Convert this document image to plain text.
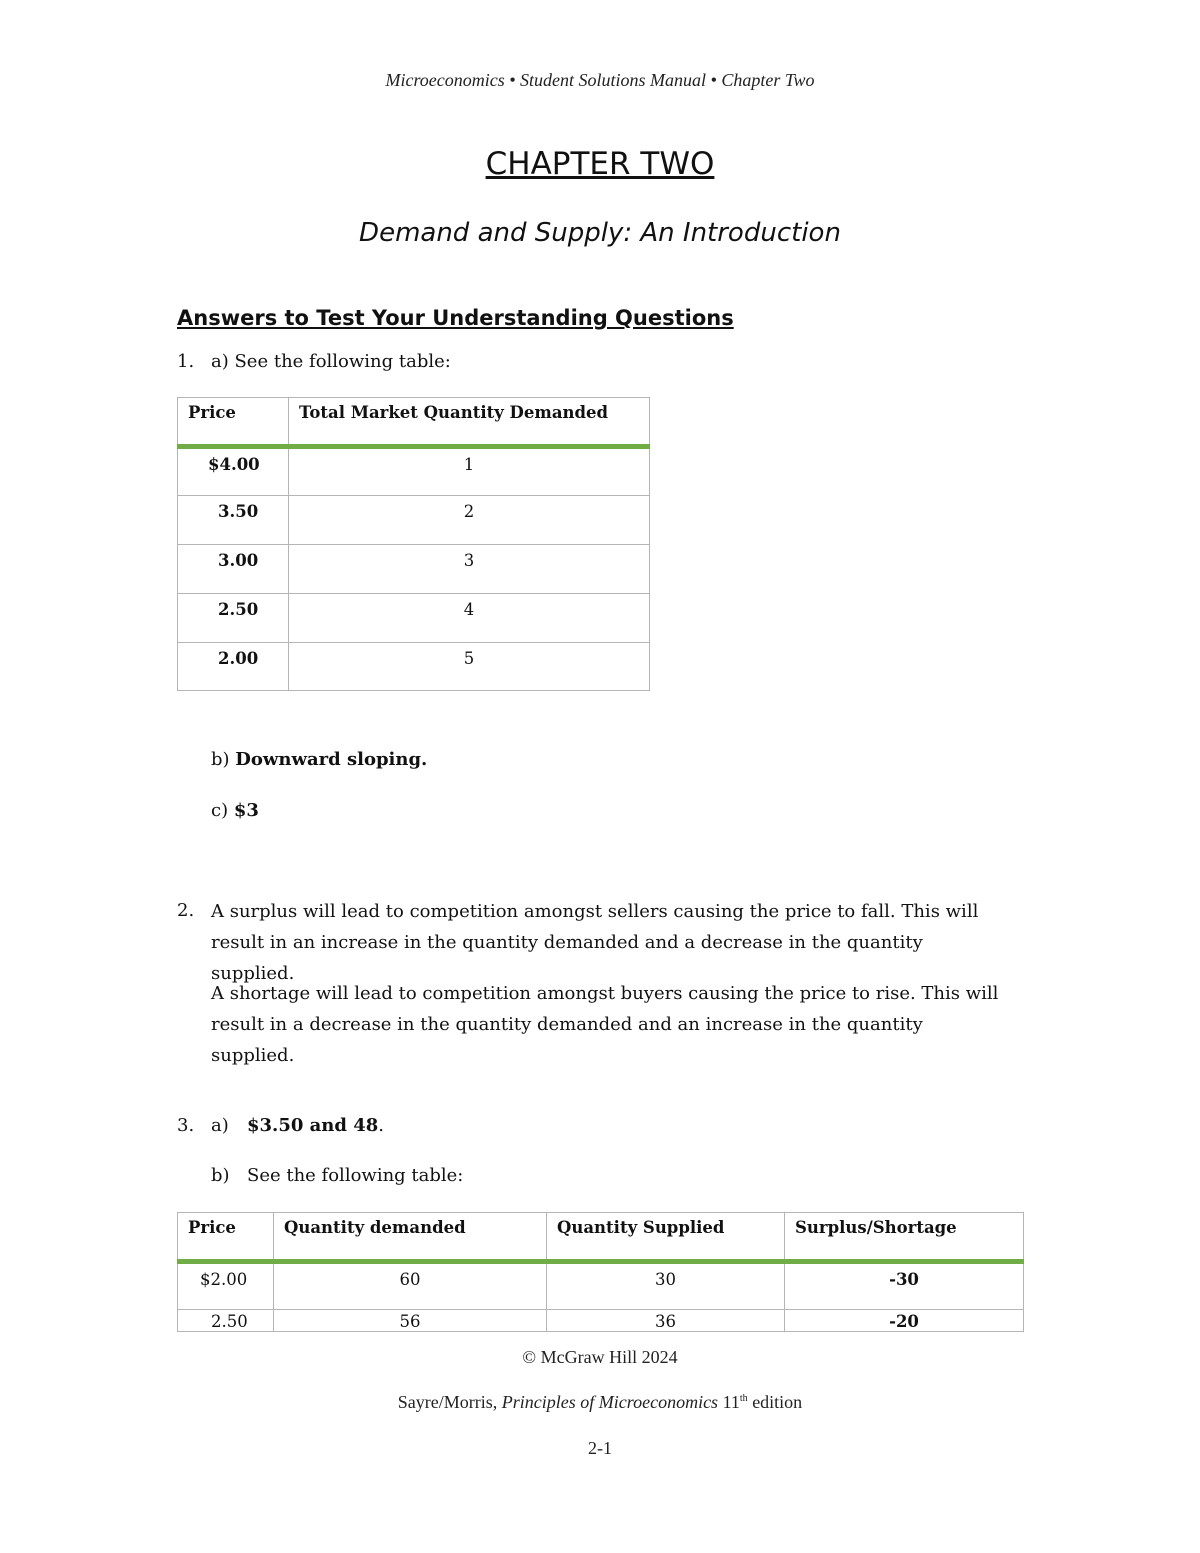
Microeconomics • Student Solutions Manual • Chapter Two
CHAPTER TWO
Demand and Supply: An Introduction
Answers to Test Your Understanding Questions
1. a) See the following table:
Price	Total Market Quantity Demanded
$4.00	1
3.50	2
3.00	3
2.50	4
2.00	5
b) Downward sloping.
c) $3
2. A surplus will lead to competition amongst sellers causing the price to fall. This will result in an increase in the quantity demanded and a decrease in the quantity supplied.
A shortage will lead to competition amongst buyers causing the price to rise. This will result in a decrease in the quantity demanded and an increase in the quantity supplied.
3. a) $3.50 and 48.
b) See the following table:
Price	Quantity demanded	Quantity Supplied	Surplus/Shortage
$2.00	60	30	-30
2.50	56	36	-20
© McGraw Hill 2024
Sayre/Morris, Principles of Microeconomics 11th edition
2-1
